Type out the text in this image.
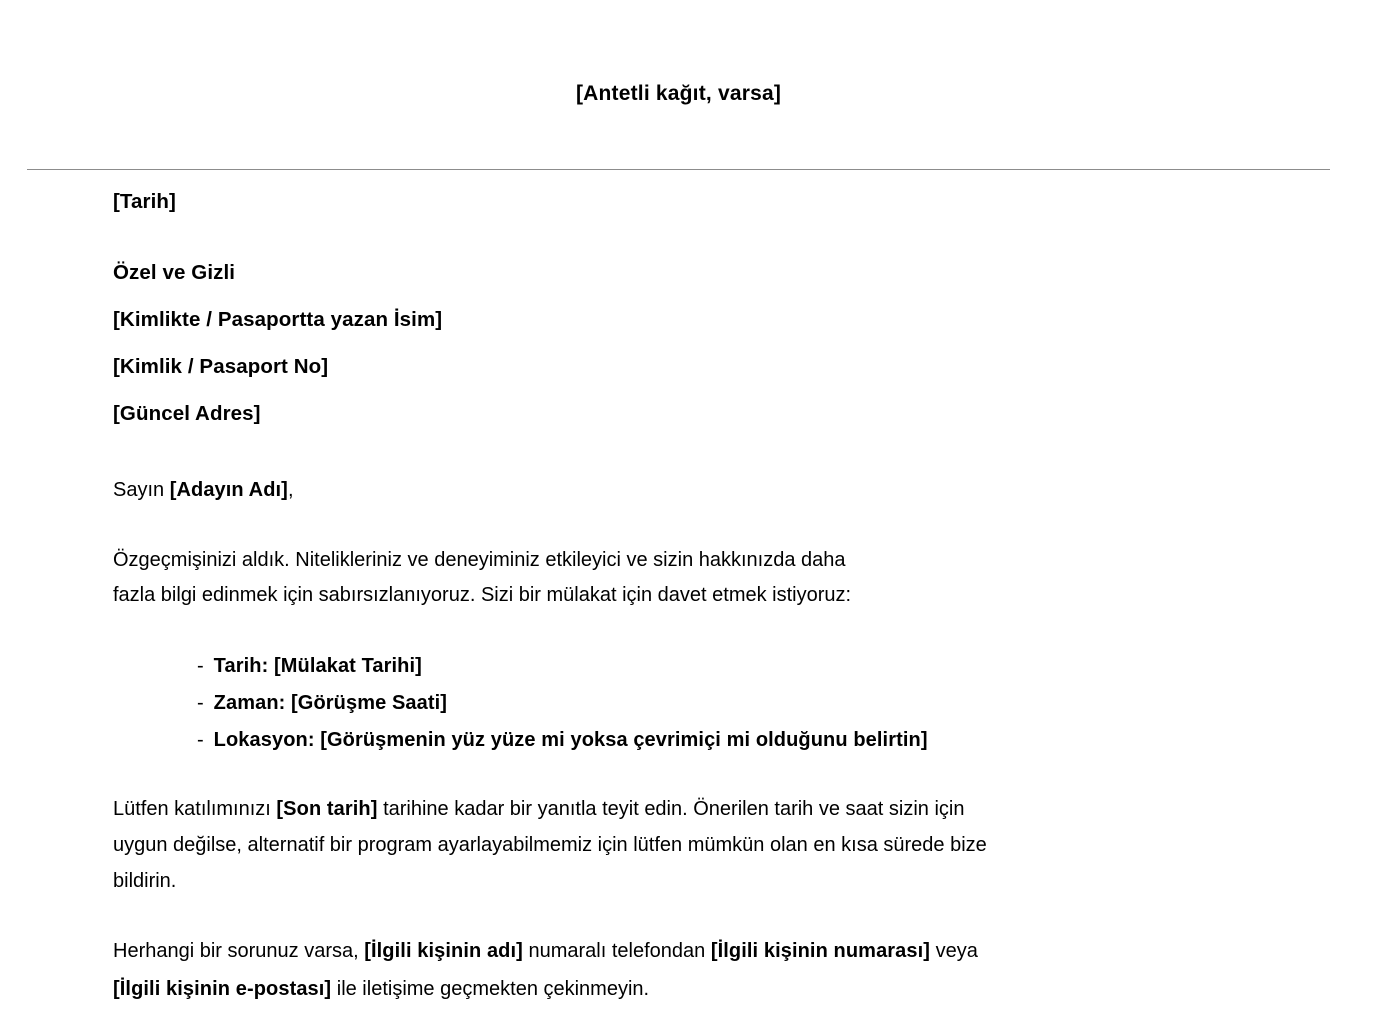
[Antetli kağıt, varsa]

[Tarih]

Özel ve Gizli

[Kimlikte / Pasaportta yazan İsim]

[Kimlik / Pasaport No]

[Güncel Adres]

Sayın [Adayın Adı],

Özgeçmişinizi aldık. Nitelikleriniz ve deneyiminiz etkileyici ve sizin hakkınızda daha
fazla bilgi edinmek için sabırsızlanıyoruz. Sizi bir mülakat için davet etmek istiyoruz:
- Tarih: [Mülakat Tarihi]
- Zaman: [Görüşme Saati]
- Lokasyon: [Görüşmenin yüz yüze mi yoksa çevrimiçi mi olduğunu belirtin]
Lütfen katılımınızı [Son tarih] tarihine kadar bir yanıtla teyit edin. Önerilen tarih ve saat sizin için
uygun değilse, alternatif bir program ayarlayabilmemiz için lütfen mümkün olan en kısa sürede bize
bildirin.
Herhangi bir sorunuz varsa, [İlgili kişinin adı] numaralı telefondan [İlgili kişinin numarası] veya
[İlgili kişinin e-postası] ile iletişime geçmekten çekinmeyin.
